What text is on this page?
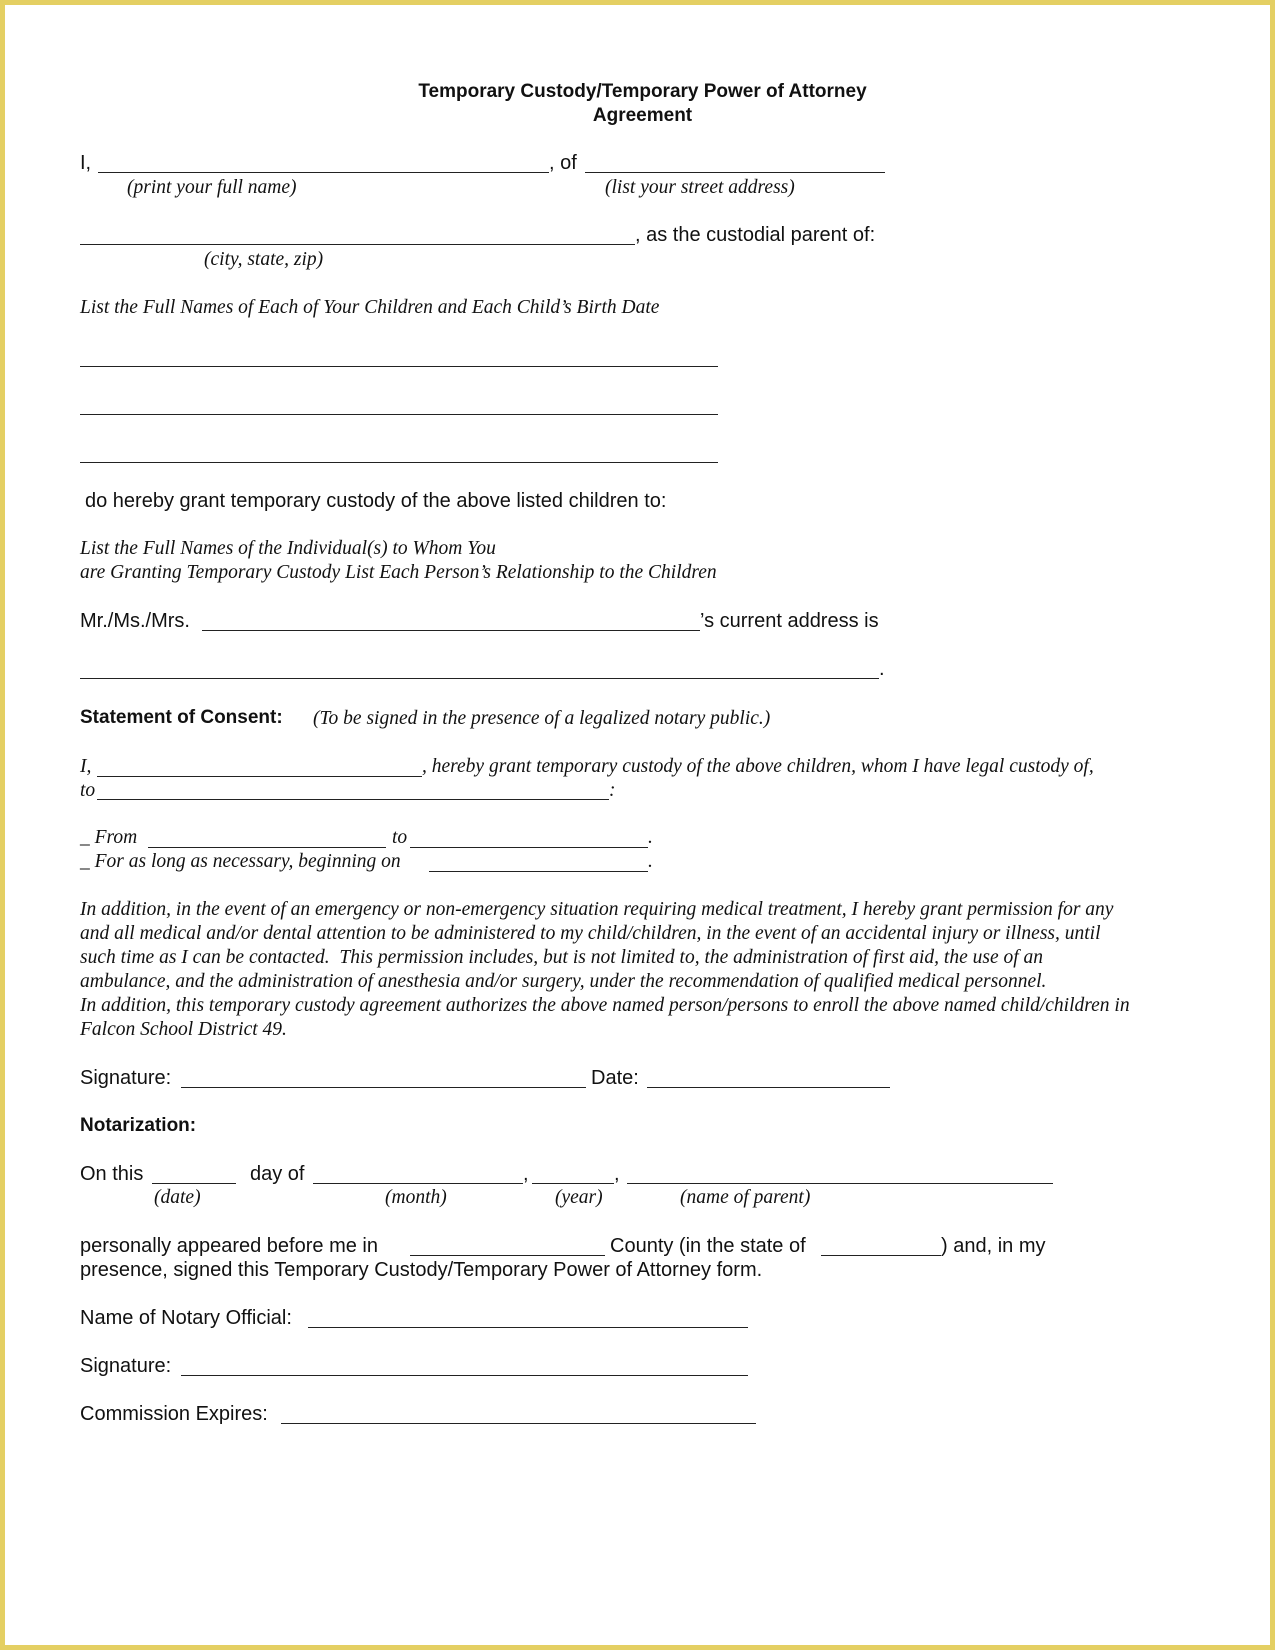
Temporary Custody/Temporary Power of Attorney
Agreement
I,	, of
(print your full name)	(list your street address)
, as the custodial parent of:
(city, state, zip)
List the Full Names of Each of Your Children and Each Child’s Birth Date
do hereby grant temporary custody of the above listed children to:
List the Full Names of the Individual(s) to Whom You
are Granting Temporary Custody List Each Person’s Relationship to the Children
Mr./Ms./Mrs.	’s current address is
.
Statement of Consent: (To be signed in the presence of a legalized notary public.)
I,	, hereby grant temporary custody of the above children, whom I have legal custody of,
to	:
_ From	to	.
_ For as long as necessary, beginning on	.
In addition, in the event of an emergency or non-emergency situation requiring medical treatment, I hereby grant permission for any
and all medical and/or dental attention to be administered to my child/children, in the event of an accidental injury or illness, until
such time as I can be contacted.  This permission includes, but is not limited to, the administration of first aid, the use of an
ambulance, and the administration of anesthesia and/or surgery, under the recommendation of qualified medical personnel.
In addition, this temporary custody agreement authorizes the above named person/persons to enroll the above named child/children in
Falcon School District 49.
Signature:	Date:
Notarization:
On this	day of	,	,
(date)	(month)	(year)	(name of parent)
personally appeared before me in	County (in the state of	) and, in my
presence, signed this Temporary Custody/Temporary Power of Attorney form.
Name of Notary Official:
Signature:
Commission Expires:
